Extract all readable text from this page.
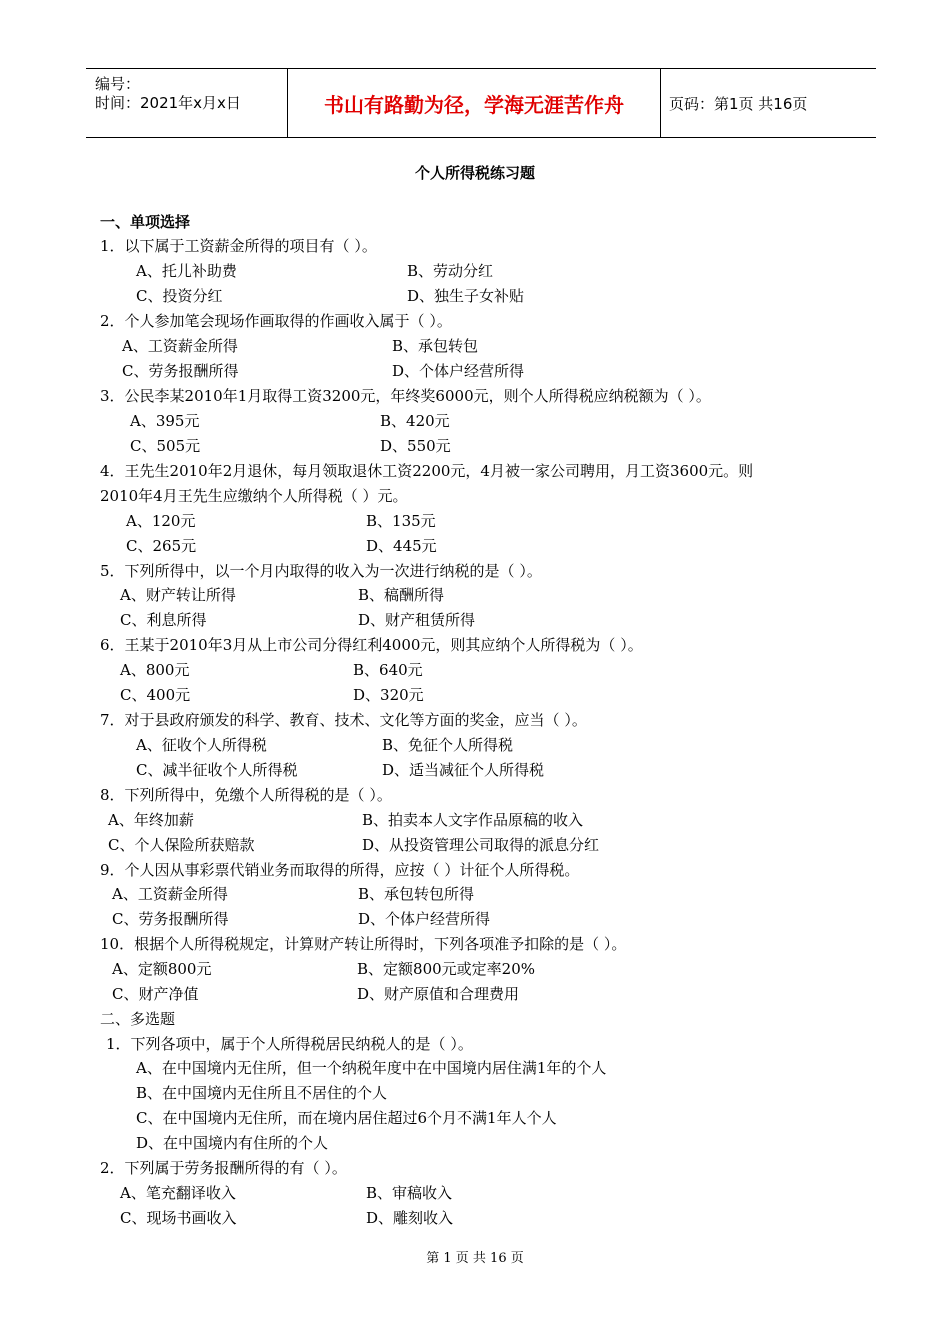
编号：
时间：2021年x月x日	书山有路勤为径，学海无涯苦作舟	页码：第1页 共16页
个人所得税练习题
一、单项选择
1．以下属于工资薪金所得的项目有（ ）。
A、托儿补助费	B、劳动分红
C、投资分红	D、独生子女补贴
2．个人参加笔会现场作画取得的作画收入属于（ ）。
A、工资薪金所得	B、承包转包
C、劳务报酬所得	D、个体户经营所得
3．公民李某2010年1月取得工资3200元，年终奖6000元，则个人所得税应纳税额为（ ）。
A、395元	B、420元
C、505元	D、550元
4．王先生2010年2月退休，每月领取退休工资2200元，4月被一家公司聘用，月工资3600元。则
2010年4月王先生应缴纳个人所得税（ ）元。
A、120元	B、135元
C、265元	D、445元
5．下列所得中，以一个月内取得的收入为一次进行纳税的是（ ）。
A、财产转让所得	B、稿酬所得
C、利息所得	D、财产租赁所得
6．王某于2010年3月从上市公司分得红利4000元，则其应纳个人所得税为（ ）。
A、800元	B、640元
C、400元	D、320元
7．对于县政府颁发的科学、教育、技术、文化等方面的奖金，应当（ ）。
A、征收个人所得税	B、免征个人所得税
C、减半征收个人所得税	D、适当减征个人所得税
8．下列所得中，免缴个人所得税的是（ ）。
A、年终加薪	B、拍卖本人文字作品原稿的收入
C、个人保险所获赔款	D、从投资管理公司取得的派息分红
9．个人因从事彩票代销业务而取得的所得，应按（ ）计征个人所得税。
A、工资薪金所得	B、承包转包所得
C、劳务报酬所得	D、个体户经营所得
10．根据个人所得税规定，计算财产转让所得时，下列各项准予扣除的是（ ）。
A、定额800元	B、定额800元或定率20%
C、财产净值	D、财产原值和合理费用
二、多选题
1．下列各项中，属于个人所得税居民纳税人的是（ ）。
A、在中国境内无住所，但一个纳税年度中在中国境内居住满1年的个人
B、在中国境内无住所且不居住的个人
C、在中国境内无住所，而在境内居住超过6个月不满1年人个人
D、在中国境内有住所的个人
2．下列属于劳务报酬所得的有（ ）。
A、笔充翻译收入	B、审稿收入
C、现场书画收入	D、雕刻收入
第 1 页 共 16 页
